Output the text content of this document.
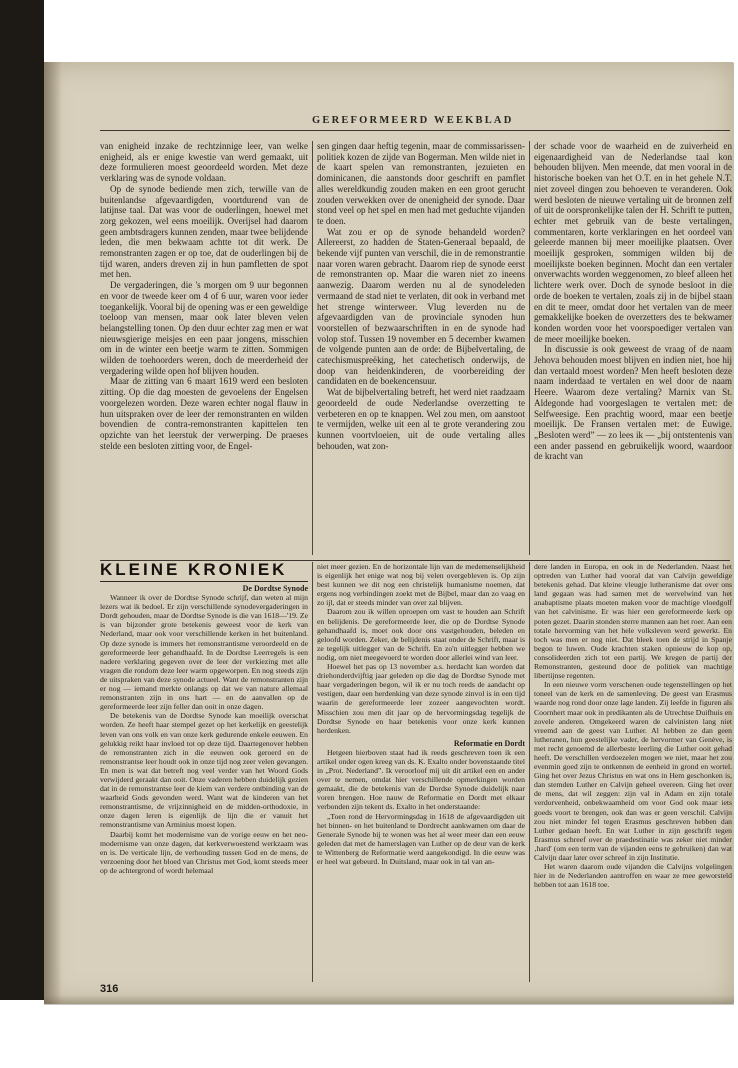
GEREFORMEERD WEEKBLAD

van enigheid inzake de rechtzinnige leer, van welke enigheid, als er enige kwestie van werd gemaakt, uit deze formulieren moest geoordeeld worden. Met deze verklaring was de synode voldaan.

Op de synode bediende men zich, terwille van de buitenlandse afgevaardigden, voortdurend van de latijnse taal. Dat was voor de ouderlingen, hoewel met zorg gekozen, wel eens moeilijk. Overijsel had daarom geen ambtsdragers kunnen zenden, maar twee belijdende leden, die men bekwaam achtte tot dit werk. De remonstranten zagen er op toe, dat de ouderlingen bij de tijd waren, anders dreven zij in hun pamfletten de spot met hen.

De vergaderingen, die 's morgen om 9 uur begonnen en voor de tweede keer om 4 of 6 uur, waren voor ieder toegankelijk. Vooral bij de opening was er een geweldige toeloop van mensen, maar ook later bleven velen belangstelling tonen. Op den duur echter zag men er wat nieuwsgierige meisjes en een paar jongens, misschien om in de winter een beetje warm te zitten. Sommigen wilden de toehoorders weren, doch de meerderheid der vergadering wilde open hof blijven houden.

Maar de zitting van 6 maart 1619 werd een besloten zitting. Op die dag moesten de gevoelens der Engelsen voorgelezen worden. Deze waren echter nogal flauw in hun uitspraken over de leer der remonstranten en wilden bovendien de contra-remonstranten kapittelen ten opzichte van het leerstuk der verwerping. De praeses stelde een besloten zitting voor, de Engel-

sen gingen daar heftig tegenin, maar de commissarissen-politiek kozen de zijde van Bogerman. Men wilde niet in de kaart spelen van remonstranten, jezuieten en dominicanen, die aanstonds door geschrift en pamflet alles wereldkundig zouden maken en een groot gerucht zouden verwekken over de onenigheid der synode. Daar stond veel op het spel en men had met geduchte vijanden te doen.

Wat zou er op de synode behandeld worden? Allereerst, zo hadden de Staten-Generaal bepaald, de bekende vijf punten van verschil, die in de remonstrantie naar voren waren gebracht. Daarom riep de synode eerst de remonstranten op. Maar die waren niet zo ineens aanwezig. Daarom werden nu al de synodeleden vermaand de stad niet te verlaten, dit ook in verband met het strenge winterweer. Vlug leverden nu de afgevaardigden van de provinciale synoden hun voorstellen of bezwaarschriften in en de synode had volop stof. Tussen 19 november en 5 december kwamen de volgende punten aan de orde: de Bijbelvertaling, de catechismuspreëking, het catechetisch onderwijs, de doop van heidenkinderen, de voorbereiding der candidaten en de boekencensuur.

Wat de bijbelvertaling betreft, het werd niet raadzaam geoordeeld de oude Nederlandse overzetting te verbeteren en op te knappen. Wel zou men, om aanstoot te vermijden, welke uit een al te grote verandering zou kunnen voortvloeien, uit de oude vertaling alles behouden, wat zon-

der schade voor de waarheid en de zuiverheid en eigenaardigheid van de Nederlandse taal kon behouden blijven. Men meende, dat men vooral in de historische boeken van het O.T. en in het gehele N.T. niet zoveel dingen zou behoeven te veranderen. Ook werd besloten de nieuwe vertaling uit de bronnen zelf of uit de oorspronkelijke talen der H. Schrift te putten, echter met gebruik van de beste vertalingen, commentaren, korte verklaringen en het oordeel van geleerde mannen bij meer moeilijke plaatsen. Over moeilijk gesproken, sommigen wilden bij de moeilijkste boeken beginnen. Mocht dan een vertaler onverwachts worden weggenomen, zo bleef alleen het lichtere werk over. Doch de synode besloot in die orde de boeken te vertalen, zoals zij in de bijbel staan en dit te meer, omdat door het vertalen van de meer gemakkelijke boeken de overzetters des te bekwamer konden worden voor het voorspoediger vertalen van de meer moeilijke boeken.

In discussie is ook geweest de vraag of de naam Jehova behouden moest blijven en indien niet, hoe hij dan vertaald moest worden? Men heeft besloten deze naam inderdaad te vertalen en wel door de naam Heere. Waarom deze vertaling? Marnix van St. Aldegonde had voorgeslagen te vertalen met: de Selfweesige. Een prachtig woord, maar een beetje moeilijk. De Fransen vertalen met: de Euwige. „Besloten werd” — zo lees ik — „bij ontstentenis van een ander passend en gebruikelijk woord, waardoor de kracht van

KLEINE KRONIEK

De Dordtse Synode

Wanneer ik over de Dordtse Synode schrijf, dan weten al mijn lezers wat ik bedoel. Er zijn verschillende synodevergaderingen in Dordt gehouden, maar de Dordtse Synode is die van 1618—'19. Ze is van bijzonder grote betekenis geweest voor de kerk van Nederland, maar ook voor verschillende kerken in het buitenland. Op deze synode is immers het remonstrantisme veroordeeld en de gereformeerde leer gehandhaafd. In de Dordtse Leerregels is een nadere verklaring gegeven over de leer der verkiezing met alle vragen die rondom deze leer warm opgeworpen. En nog steeds zijn de uitspraken van deze synode actueel. Want de remonstranten zijn er nog — iemand merkte onlangs op dat we van nature allemaal remonstranten zijn in ons hart — en de aanvallen op de gereformeerde leer zijn feller dan ooit in onze dagen.

De betekenis van de Dordtse Synode kan moeilijk overschat worden. Ze heeft haar stempel gezet op het kerkelijk en geestelijk leven van ons volk en van onze kerk gedurende enkele eeuwen. En gelukkig reikt haar invloed tot op deze tijd. Daartegenover hebben de remonstranten zich in die eeuwen ook geroerd en de remonstrantse leer houdt ook in onze tijd nog zeer velen gevangen. En men is wat dat betreft nog veel verder van het Woord Gods verwijderd geraakt dan ooit. Onze vaderen hebben duidelijk gezien dat in de remonstrantse leer de kiem van verdere ontbinding van de waarheid Gods gevonden werd. Want wat de kinderen van het remonstrantisme, de vrijzinnigheid en de midden-orthodoxie, in onze dagen leren is eigenlijk de lijn die er vanuit het remonstrantisme van Arminius moest lopen.

Daarbij komt het modernisme van de vorige eeuw en het neo-modernisme van onze dagen, dat kerkverwoestend werkzaam was en is. De verticale lijn, de verhouding tussen God en de mens, de verzoening door het bloed van Christus met God, komt steeds meer op de achtergrond of wordt helemaal

niet meer gezien. En de horizontale lijn van de medemenselijkheid is eigenlijk het enige wat nog bij velen overgebleven is. Op zijn best kunnen we dit nog een christelijk humanisme noemen, dat ergens nog verbindingen zoekt met de Bijbel, maar dan zo vaag en zo ijl, dat er steeds minder van over zal blijven.

Daarom zou ik willen oproepen om vast te houden aan Schrift en belijdenis. De gereformeerde leer, die op de Dordtse Synode gehandhaafd is, moet ook door ons vastgehouden, beleden en geloofd worden. Zeker, de belijdenis staat onder de Schrift, maar is ze tegelijk uitlegger van de Schrift. En zo'n uitlegger hebben we nodig, om niet meegevoerd te worden door allerlei wind van leer.

Hoewel het pas op 13 november a.s. herdacht kan worden dat driehonderdvijftig jaar geleden op die dag de Dordtse Synode met haar vergaderingen begon, wil ik er nu toch reeds de aandacht op vestigen, daar een herdenking van deze synode zinvol is in een tijd waarin de gereformeerde leer zozeer aangevochten wordt. Misschien zou men dit jaar op de hervormingsdag tegelijk de Dordtse Synode en haar betekenis voor onze kerk kunnen herdenken.

Reformatie en Dordt

Hetgeen hierboven staat had ik reeds geschreven toen ik een artikel onder ogen kreeg van ds. K. Exalto onder bovenstaande titel in „Prot. Nederland”. Ik veroorloof mij uit dit artikel een en ander over te nemen, omdat hier verschillende opmerkingen worden gemaakt, die de betekenis van de Dordse Synode duidelijk naar voren brengen. Hoe nauw de Reformatie en Dordt met elkaar verbonden zijn tekent ds. Exalto in het onderstaande:

„Toen rond de Hervormingsdag in 1618 de afgevaardigden uit het binnen- en het buitenland te Dordrecht aankwamen om daar de Generale Synode bij te wonen was het al weer meer dan een eeuw geleden dat met de hamerslagen van Luther op de deur van de kerk te Wittenberg de Reformatie werd aangekondigd. In die eeuw was er heel wat gebeurd. In Duitsland, maar ook in tal van an-

dere landen in Europa, en ook in de Nederlanden. Naast het optreden van Luther had vooral dat van Calvijn geweldige betekenis gehad. Dat kleine vleugje lutheranisme dat over ons land gegaan was had samen met de wervelwind van het anabaptisme plaats moeten maken voor de machtige vloedgolf van het calvinisme. Er was hier een gereformeerde kerk op poten gezet. Daarin stonden sterre mannen aan het roer. Aan een totale hervorming van het hele volksleven werd gewerkt. En toch was men er nog niet. Dat bleek toen de strijd in Spanje begon te luwen. Oude krachten staken opnieuw de kop op, consolideerden zich tot een partij. We kregen de partij der Remonstranten, gesteund door de politiek van machtige libertijnse regenten.

In een nieuwe vorm verschenen oude tegenstellingen op het toneel van de kerk en de samenleving. De geest van Erasmus waarde nog rond door onze lage landen. Zij leefde in figuren als Coornhert maar ook in predikanten als de Utrechtse Duifhuis en zovele anderen. Omgekeerd waren de calvinisten lang niet vreemd aan de geest van Luther. Al hebben ze dan geen lutheranen, hun geestelijke vader, de hervormer van Genève, is met recht genoemd de allerbeste leerling die Luther ooit gehad heeft. De verschillen verdoezelen mogen we niet, maar het zou evenmin goed zijn te ontkennen de eenheid in grond en wortel. Ging het over Jezus Christus en wat ons in Hem geschonken is, dan stemden Luther en Calvijn geheel overeen. Ging het over de mens, dat wil zeggen: zijn val in Adam en zijn totale verdorvenheid, onbekwaamheid om voor God ook maar iets goeds voort te brengen, ook dan was er geen verschil. Calvijn zou niet minder fel tegen Erasmus geschreven hebben dan Luther gedaan heeft. En wat Luther in zijn geschrift tegen Erasmus schreef over de praedestinatie was zeker niet minder ‚hard' (om een term van de vijanden eens te gebruiken) dan wat Calvijn daar later over schreef in zijn Institutie.

Het waren daarom oude vijanden die Calvijns volgelingen hier in de Nederlanden aantroffen en waar ze mee geworsteld hebben tot aan 1618 toe.

316
